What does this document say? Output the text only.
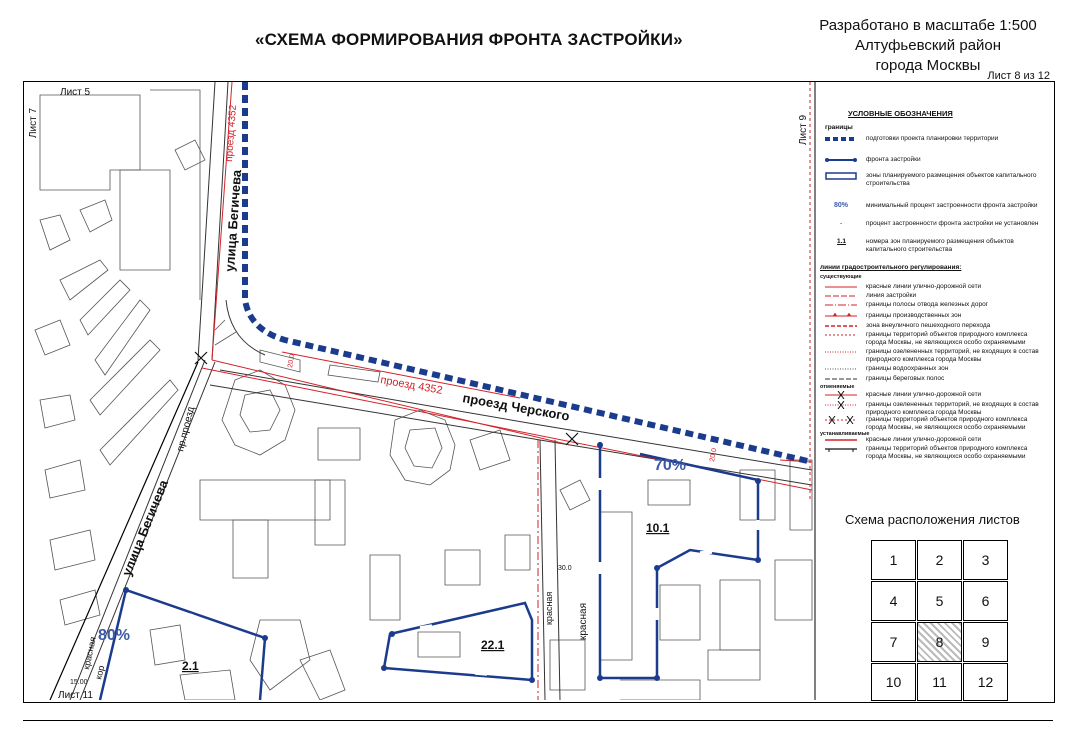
«СХЕМА ФОРМИРОВАНИЯ ФРОНТА ЗАСТРОЙКИ»
Разработано в масштабе 1:500
Алтуфьевский район
города Москвы
Лист 8 из 12
улица Бегичева
улица Бегичева
проезд Черского
проезд 4352
проезд 4352
пр.проезд
красная
красная
красная
кор
70%
80%
10.1
22.1
2.1
30.0
15.00
20.0
20.0
Лист 5
Лист 7	Лист 9
Лист 11
УСЛОВНЫЕ ОБОЗНАЧЕНИЯ
границы
подготовки проекта планировки территории
фронта застройки
зоны планируемого размещения объектов капитального строительства
80%	минимальный процент застроенности фронта застройки
-	процент застроенности фронта застройки не установлен
1.1	номера зон планируемого размещения объектов капитального строительства
линии градостроительного регулирования:
существующие
красные линии улично-дорожной сети
линия застройки
границы полосы отвода железных дорог
границы производственных зон
зона внеуличного пешеходного перехода
границы территорий объектов природного комплекса города Москвы, не являющихся особо охраняемыми
границы озелененных территорий, не входящих в состав природного комплекса города Москвы
границы водоохранных зон
границы береговых полос
отменяемые
красные линии улично-дорожной сети
границы озелененных территорий, не входящих в состав природного комплекса города Москвы
границы территорий объектов природного комплекса города Москвы, не являющихся особо охраняемыми
устанавливаемые
красные линии улично-дорожной сети
границы территорий объектов природного комплекса города Москвы, не являющихся особо охраняемыми
Схема расположения листов
1	2	3
4	5	6
7	8	9
10	11	12
